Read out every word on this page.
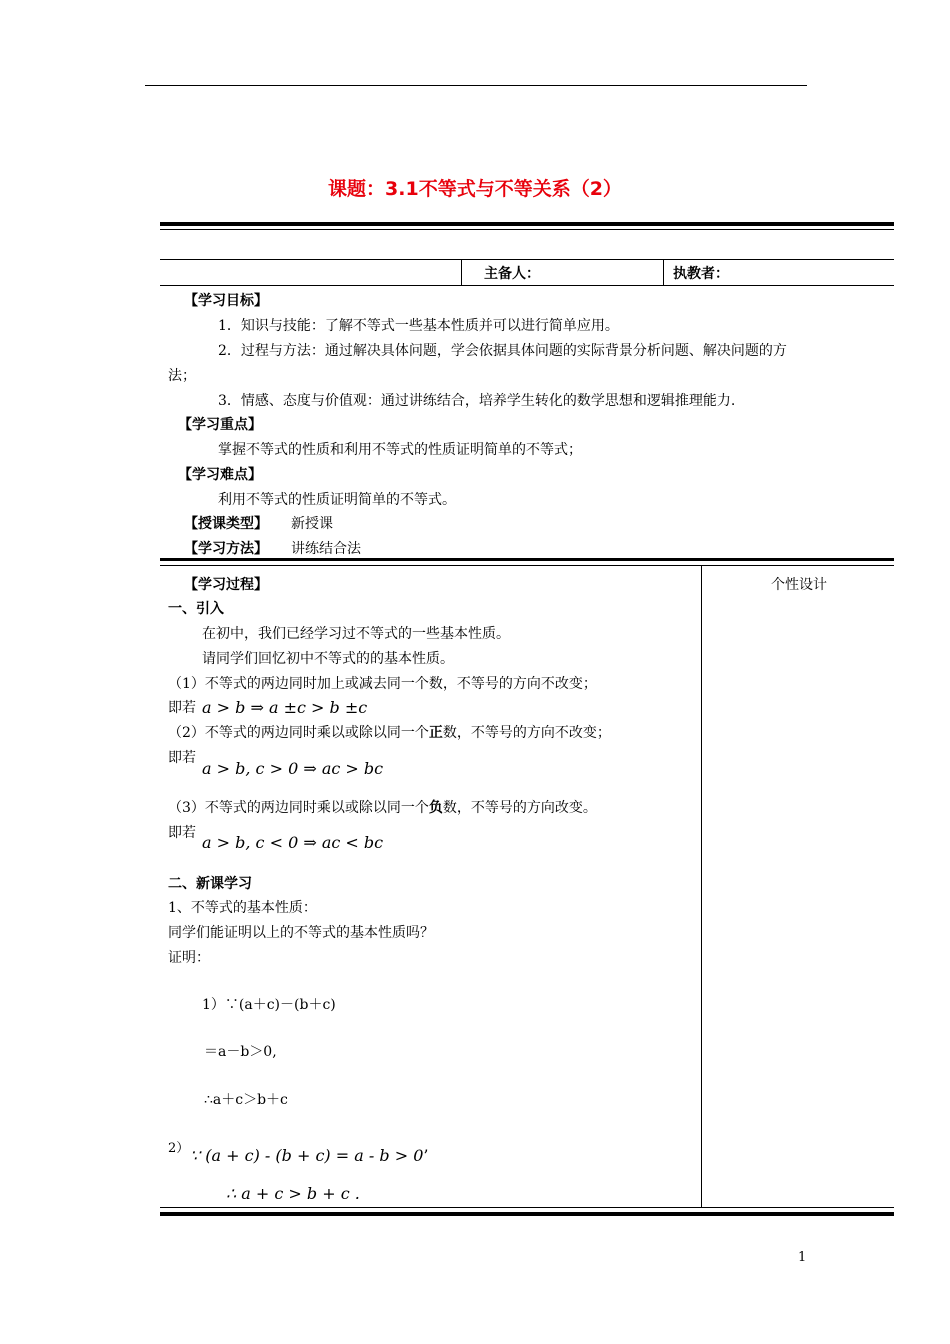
课题：3.1不等式与不等关系（2）
主备人：	执教者：
【学习目标】
1．知识与技能：了解不等式一些基本性质并可以进行简单应用。
2．过程与方法：通过解决具体问题，学会依据具体问题的实际背景分析问题、解决问题的方
法；
3．情感、态度与价值观：通过讲练结合，培养学生转化的数学思想和逻辑推理能力.
【学习重点】
掌握不等式的性质和利用不等式的性质证明简单的不等式；
【学习难点】
利用不等式的性质证明简单的不等式。
【授课类型】 新授课
【学习方法】 讲练结合法
【学习过程】	个性设计
一、引入
在初中，我们已经学习过不等式的一些基本性质。
请同学们回忆初中不等式的的基本性质。
（1）不等式的两边同时加上或减去同一个数，不等号的方向不改变；
即若 a > b ⇒ a ±c > b ±c
（2）不等式的两边同时乘以或除以同一个正数，不等号的方向不改变；
即若
a > b, c > 0 ⇒ ac > bc
（3）不等式的两边同时乘以或除以同一个负数，不等号的方向改变。
即若 a > b, c < 0 ⇒ ac < bc
二、新课学习
1、不等式的基本性质：
同学们能证明以上的不等式的基本性质吗？
证明：
1）∵(a＋c)－(b＋c)
＝a－b＞0,
∴a＋c＞b＋c
2） ∵ (a + c) - (b + c) = a - b > 0’
∴ a + c > b + c .
1
